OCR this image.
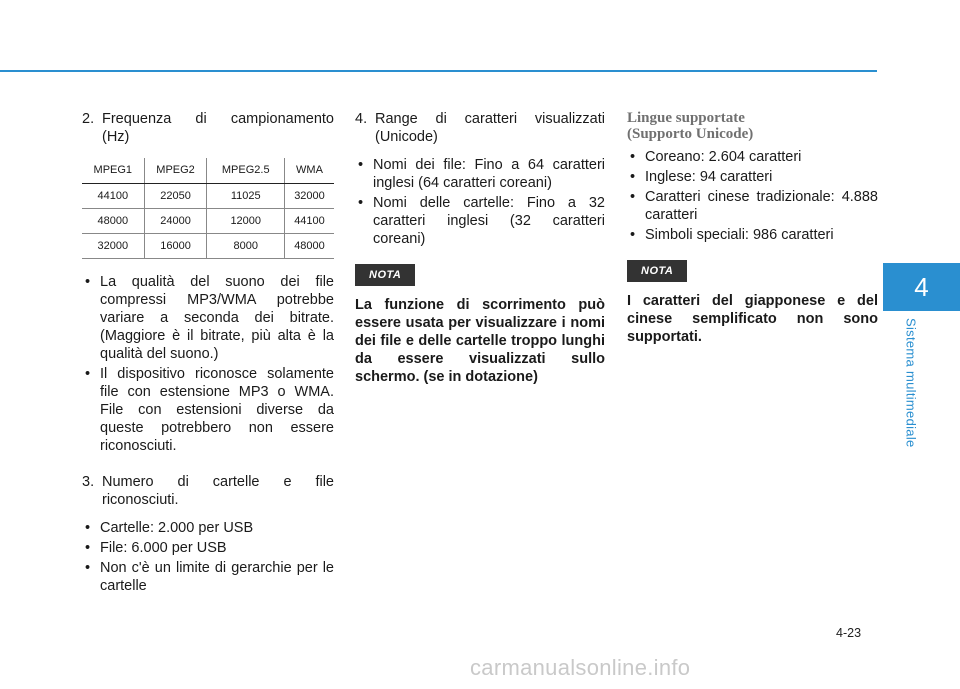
2. Frequenza di campionamento
(Hz)
MPEG1	MPEG2	MPEG2.5	WMA
44100	22050	11025	32000
48000	24000	12000	44100
32000	16000	8000	48000
• La qualità del suono dei file compressi MP3/WMA potrebbe variare a seconda dei bitrate. (Maggiore è il bitrate, più alta è la qualità del suono.)
• Il dispositivo riconosce solamente file con estensione MP3 o WMA. File con estensioni diverse da queste potrebbero non essere riconosciuti.
3. Numero di cartelle e file
riconosciuti.
• Cartelle: 2.000 per USB
• File: 6.000 per USB
• Non c'è un limite di gerarchie per le cartelle
4. Range di caratteri visualizzati
(Unicode)
• Nomi dei file: Fino a 64 caratteri inglesi (64 caratteri coreani)
• Nomi delle cartelle: Fino a 32 caratteri inglesi (32 caratteri coreani)
NOTA
La funzione di scorrimento può essere usata per visualizzare i nomi dei file e delle cartelle troppo lunghi da essere visualizzati sullo schermo. (se in dotazione)
Lingue supportate
(Supporto Unicode)
• Coreano: 2.604 caratteri
• Inglese: 94 caratteri
• Caratteri cinese tradizionale: 4.888 caratteri
• Simboli speciali: 986 caratteri
NOTA
I caratteri del giapponese e del cinese semplificato non sono supportati.
4
Sistema multimediale
4-23
carmanualsonline.info
